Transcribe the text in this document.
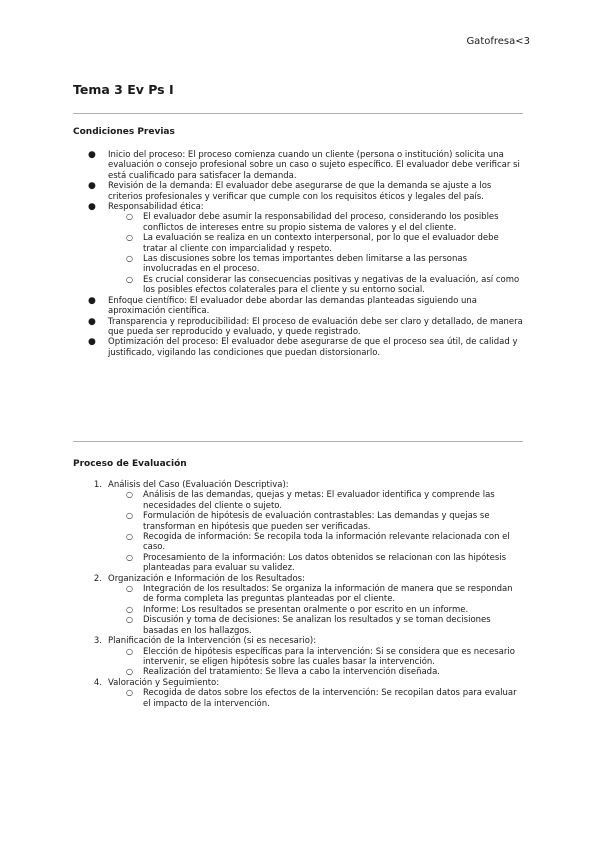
Gatofresa<3
Tema 3 Ev Ps I
Condiciones Previas
● Inicio del proceso: El proceso comienza cuando un cliente (persona o institución) solicita una evaluación o consejo profesional sobre un caso o sujeto específico. El evaluador debe verificar si está cualificado para satisfacer la demanda.
● Revisión de la demanda: El evaluador debe asegurarse de que la demanda se ajuste a los criterios profesionales y verificar que cumple con los requisitos éticos y legales del país.
● Responsabilidad ética:
○ El evaluador debe asumir la responsabilidad del proceso, considerando los posibles conflictos de intereses entre su propio sistema de valores y el del cliente.
○ La evaluación se realiza en un contexto interpersonal, por lo que el evaluador debe tratar al cliente con imparcialidad y respeto.
○ Las discusiones sobre los temas importantes deben limitarse a las personas involucradas en el proceso.
○ Es crucial considerar las consecuencias positivas y negativas de la evaluación, así como los posibles efectos colaterales para el cliente y su entorno social.
● Enfoque científico: El evaluador debe abordar las demandas planteadas siguiendo una aproximación científica.
● Transparencia y reproducibilidad: El proceso de evaluación debe ser claro y detallado, de manera que pueda ser reproducido y evaluado, y quede registrado.
● Optimización del proceso: El evaluador debe asegurarse de que el proceso sea útil, de calidad y justificado, vigilando las condiciones que puedan distorsionarlo.
Proceso de Evaluación
1. Análisis del Caso (Evaluación Descriptiva):
○ Análisis de las demandas, quejas y metas: El evaluador identifica y comprende las necesidades del cliente o sujeto.
○ Formulación de hipótesis de evaluación contrastables: Las demandas y quejas se transforman en hipótesis que pueden ser verificadas.
○ Recogida de información: Se recopila toda la información relevante relacionada con el caso.
○ Procesamiento de la información: Los datos obtenidos se relacionan con las hipótesis planteadas para evaluar su validez.
2. Organización e Información de los Resultados:
○ Integración de los resultados: Se organiza la información de manera que se respondan de forma completa las preguntas planteadas por el cliente.
○ Informe: Los resultados se presentan oralmente o por escrito en un informe.
○ Discusión y toma de decisiones: Se analizan los resultados y se toman decisiones basadas en los hallazgos.
3. Planificación de la Intervención (si es necesario):
○ Elección de hipótesis específicas para la intervención: Si se considera que es necesario intervenir, se eligen hipótesis sobre las cuales basar la intervención.
○ Realización del tratamiento: Se lleva a cabo la intervención diseñada.
4. Valoración y Seguimiento:
○ Recogida de datos sobre los efectos de la intervención: Se recopilan datos para evaluar el impacto de la intervención.
